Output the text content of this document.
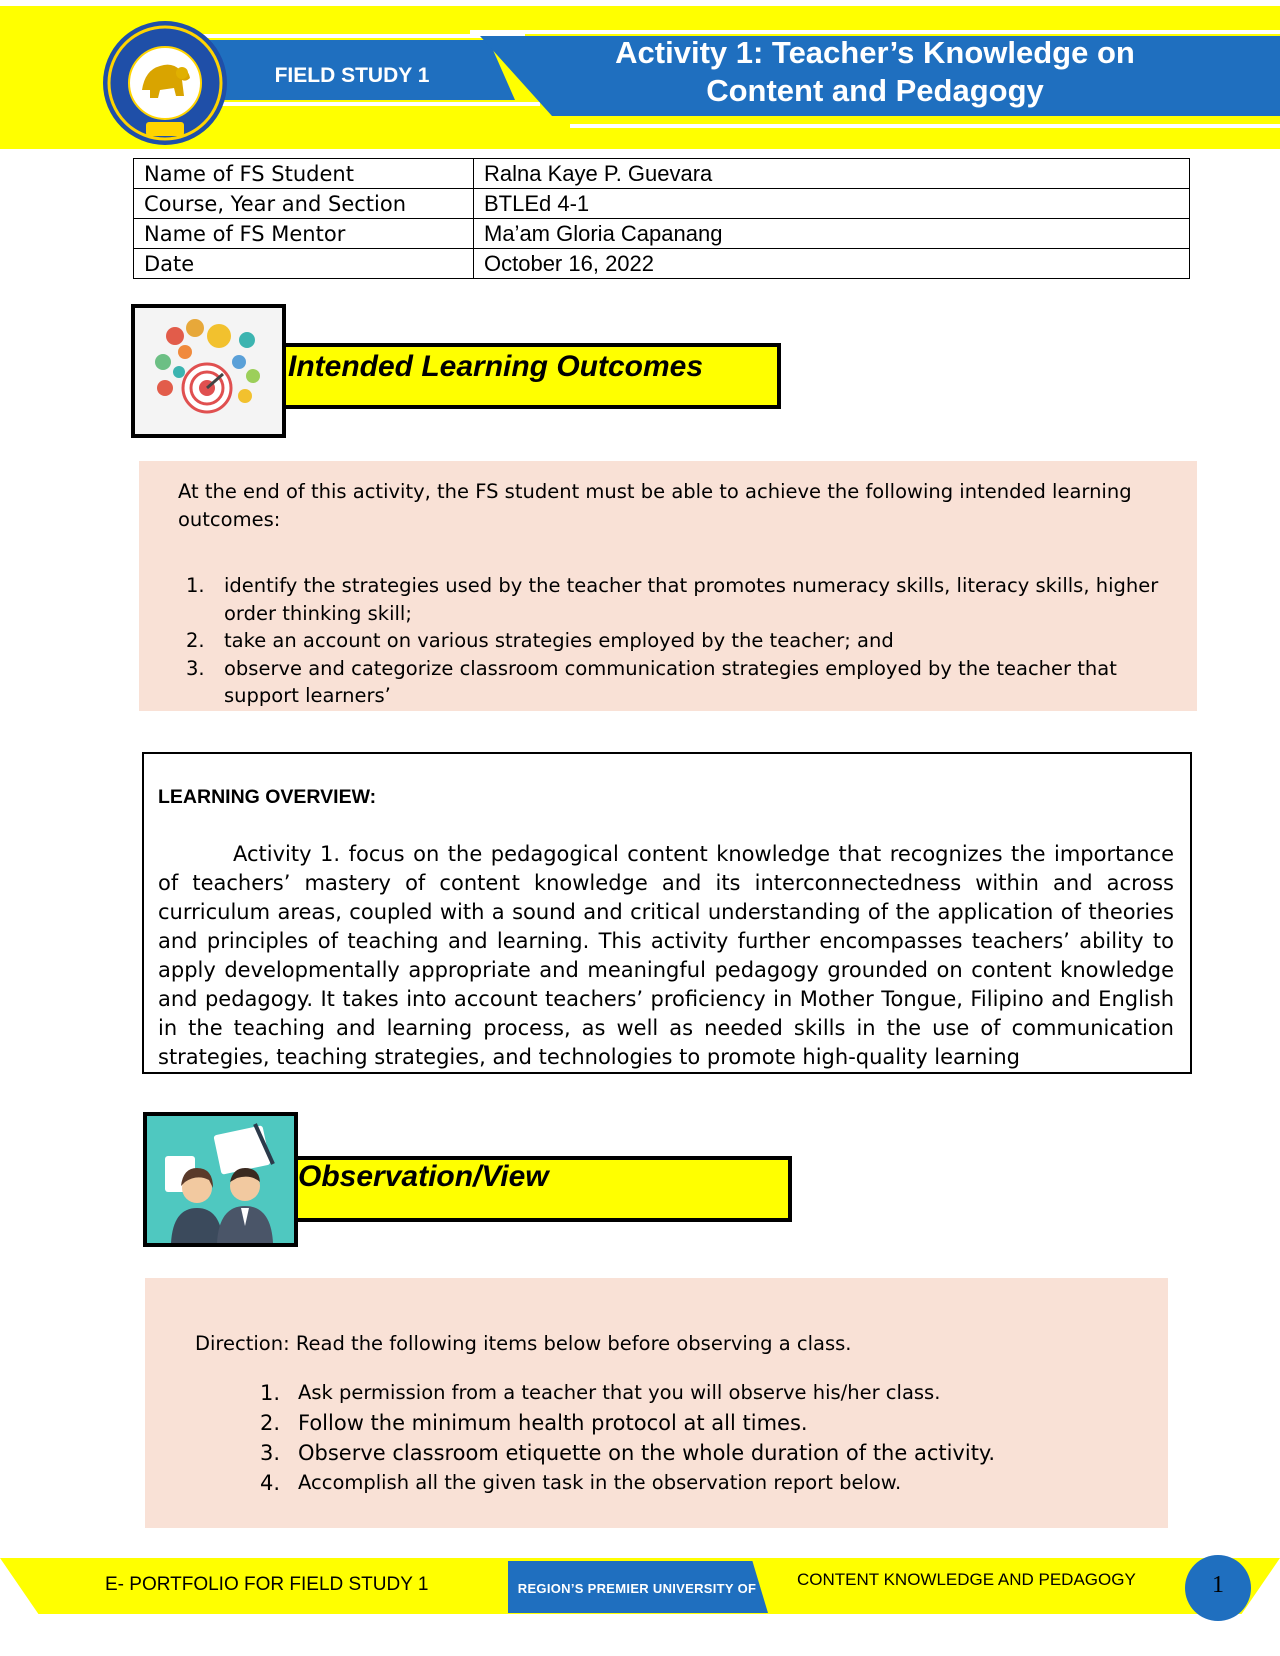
FIELD STUDY 1
Activity 1: Teacher’s Knowledge on Content and Pedagogy
Name of FS Student	Ralna Kaye P. Guevara
Course, Year and Section	BTLEd 4-1
Name of FS Mentor	Ma’am Gloria Capanang
Date	October 16, 2022
Intended Learning Outcomes
At the end of this activity, the FS student must be able to achieve the following intended learning outcomes:
1. identify the strategies used by the teacher that promotes numeracy skills, literacy skills, higher order thinking skill;
2. take an account on various strategies employed by the teacher; and
3. observe and categorize classroom communication strategies employed by the teacher that support learners’
LEARNING OVERVIEW:
Activity 1. focus on the pedagogical content knowledge that recognizes the importance of teachers’ mastery of content knowledge and its interconnectedness within and across curriculum areas, coupled with a sound and critical understanding of the application of theories and principles of teaching and learning. This activity further encompasses teachers’ ability to apply developmentally appropriate and meaningful pedagogy grounded on content knowledge and pedagogy. It takes into account teachers’ proficiency in Mother Tongue, Filipino and English in the teaching and learning process, as well as needed skills in the use of communication strategies, teaching strategies, and technologies to promote high-quality learning
Observation/View
Direction: Read the following items below before observing a class.
1. Ask permission from a teacher that you will observe his/her class.
2. Follow the minimum health protocol at all times.
3. Observe classroom etiquette on the whole duration of the activity.
4. Accomplish all the given task in the observation report below.
E- PORTFOLIO FOR FIELD STUDY 1	REGION’S PREMIER UNIVERSITY OF	CONTENT KNOWLEDGE AND PEDAGOGY	1
